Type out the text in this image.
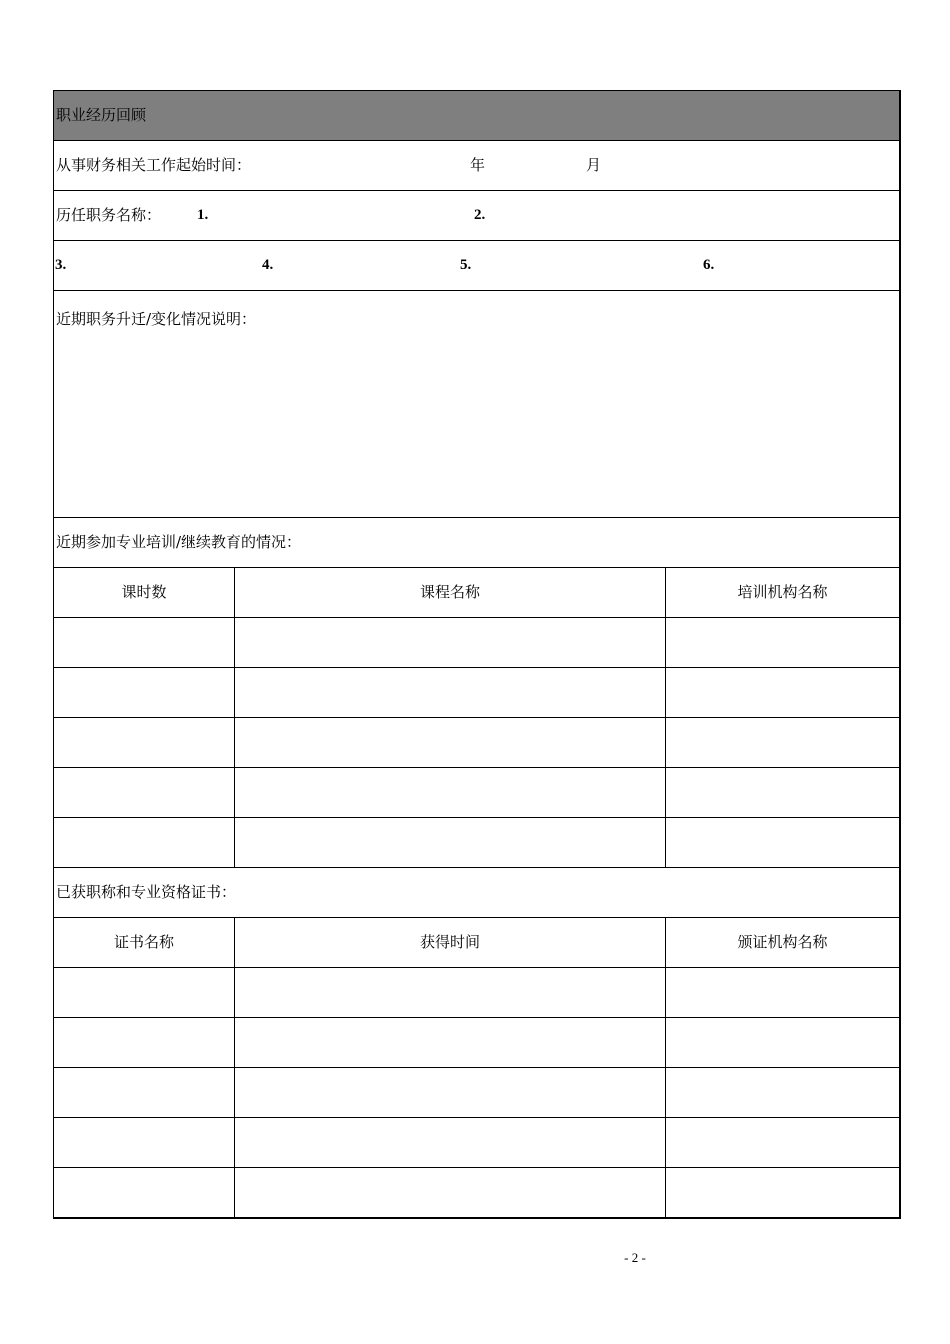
职业经历回顾
从事财务相关工作起始时间：	年	月
历任职务名称： 1.	2.
3.	4.	5.	6.
近期职务升迁/变化情况说明：
近期参加专业培训/继续教育的情况：
课时数	课程名称	培训机构名称
已获职称和专业资格证书：
证书名称	获得时间	颁证机构名称
- 2 -
